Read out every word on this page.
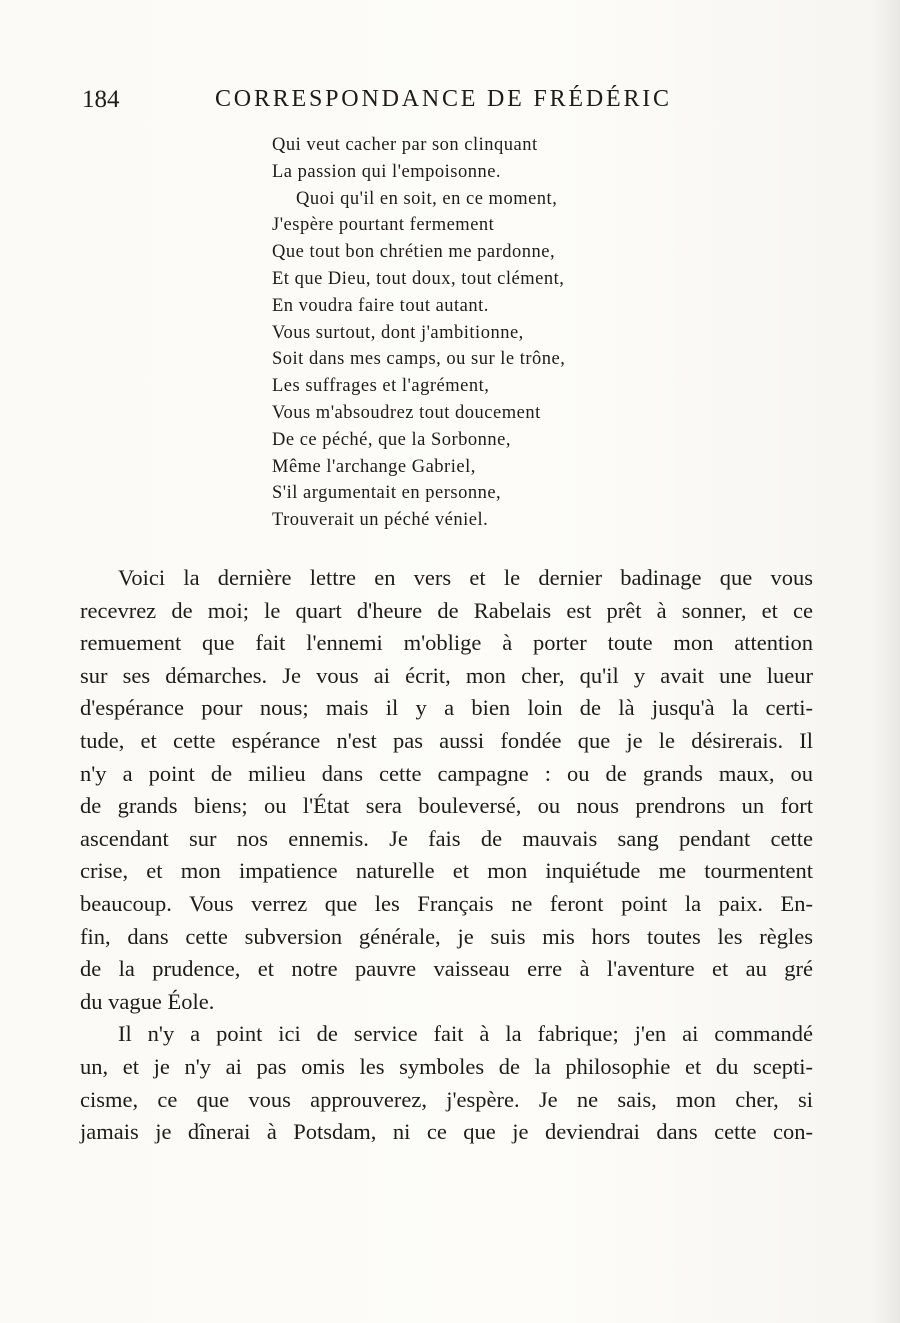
184	CORRESPONDANCE DE FRÉDÉRIC
Qui veut cacher par son clinquant
La passion qui l'empoisonne.
Quoi qu'il en soit, en ce moment,
J'espère pourtant fermement
Que tout bon chrétien me pardonne,
Et que Dieu, tout doux, tout clément,
En voudra faire tout autant.
Vous surtout, dont j'ambitionne,
Soit dans mes camps, ou sur le trône,
Les suffrages et l'agrément,
Vous m'absoudrez tout doucement
De ce péché, que la Sorbonne,
Même l'archange Gabriel,
S'il argumentait en personne,
Trouverait un péché véniel.
Voici la dernière lettre en vers et le dernier badinage que vous
recevrez de moi; le quart d'heure de Rabelais est prêt à sonner, et ce
remuement que fait l'ennemi m'oblige à porter toute mon attention
sur ses démarches. Je vous ai écrit, mon cher, qu'il y avait une lueur
d'espérance pour nous; mais il y a bien loin de là jusqu'à la certi-
tude, et cette espérance n'est pas aussi fondée que je le désirerais. Il
n'y a point de milieu dans cette campagne : ou de grands maux, ou
de grands biens; ou l'État sera bouleversé, ou nous prendrons un fort
ascendant sur nos ennemis. Je fais de mauvais sang pendant cette
crise, et mon impatience naturelle et mon inquiétude me tourmentent
beaucoup. Vous verrez que les Français ne feront point la paix. En-
fin, dans cette subversion générale, je suis mis hors toutes les règles
de la prudence, et notre pauvre vaisseau erre à l'aventure et au gré
du vague Éole.
Il n'y a point ici de service fait à la fabrique; j'en ai commandé
un, et je n'y ai pas omis les symboles de la philosophie et du scepti-
cisme, ce que vous approuverez, j'espère. Je ne sais, mon cher, si
jamais je dînerai à Potsdam, ni ce que je deviendrai dans cette con-
